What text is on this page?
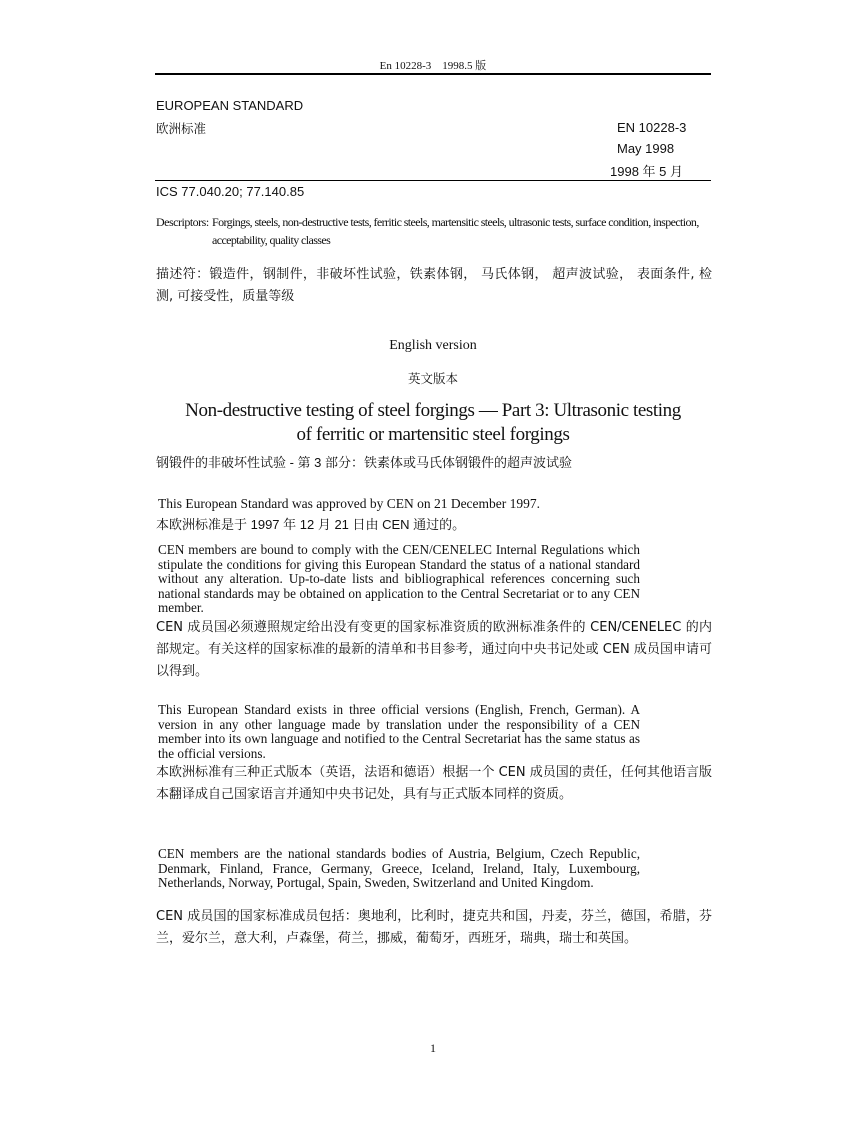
En 10228-3    1998.5 版
EUROPEAN STANDARD
欧洲标准	EN 10228-3
May 1998
1998 年 5 月
ICS 77.040.20; 77.140.85
Descriptors: Forgings, steels, non-destructive tests, ferritic steels, martensitic steels, ultrasonic tests, surface condition, inspection,
acceptability, quality classes
描述符：锻造件，钢制件，非破坏性试验，铁素体钢， 马氏体钢， 超声波试验， 表面条件, 检测, 可接受性，质量等级
English version
英文版本
Non-destructive testing of steel forgings — Part 3: Ultrasonic testing
of ferritic or martensitic steel forgings
钢锻件的非破坏性试验 - 第 3 部分：铁素体或马氏体钢锻件的超声波试验
This European Standard was approved by CEN on 21 December 1997.
本欧洲标准是于 1997 年 12 月 21 日由 CEN 通过的。
CEN members are bound to comply with the CEN/CENELEC Internal Regulations which stipulate the conditions for giving this European Standard the status of a national standard without any alteration. Up-to-date lists and bibliographical references concerning such national standards may be obtained on application to the Central Secretariat or to any CEN member.
CEN 成员国必须遵照规定给出没有变更的国家标准资质的欧洲标准条件的 CEN/CENELEC 的内部规定。有关这样的国家标准的最新的清单和书目参考，通过向中央书记处或 CEN 成员国申请可以得到。
This European Standard exists in three official versions (English, French, German). A version in any other language made by translation under the responsibility of a CEN member into its own language and notified to the Central Secretariat has the same status as the official versions.
本欧洲标准有三种正式版本（英语，法语和德语）根据一个 CEN 成员国的责任，任何其他语言版本翻译成自己国家语言并通知中央书记处，具有与正式版本同样的资质。
CEN members are the national standards bodies of Austria, Belgium, Czech Republic, Denmark, Finland, France, Germany, Greece, Iceland, Ireland, Italy, Luxembourg, Netherlands, Norway, Portugal, Spain, Sweden, Switzerland and United Kingdom.
CEN 成员国的国家标准成员包括：奥地利，比利时，捷克共和国，丹麦，芬兰，德国，希腊，芬兰，爱尔兰，意大利，卢森堡，荷兰，挪威，葡萄牙，西班牙，瑞典，瑞士和英国。
1
